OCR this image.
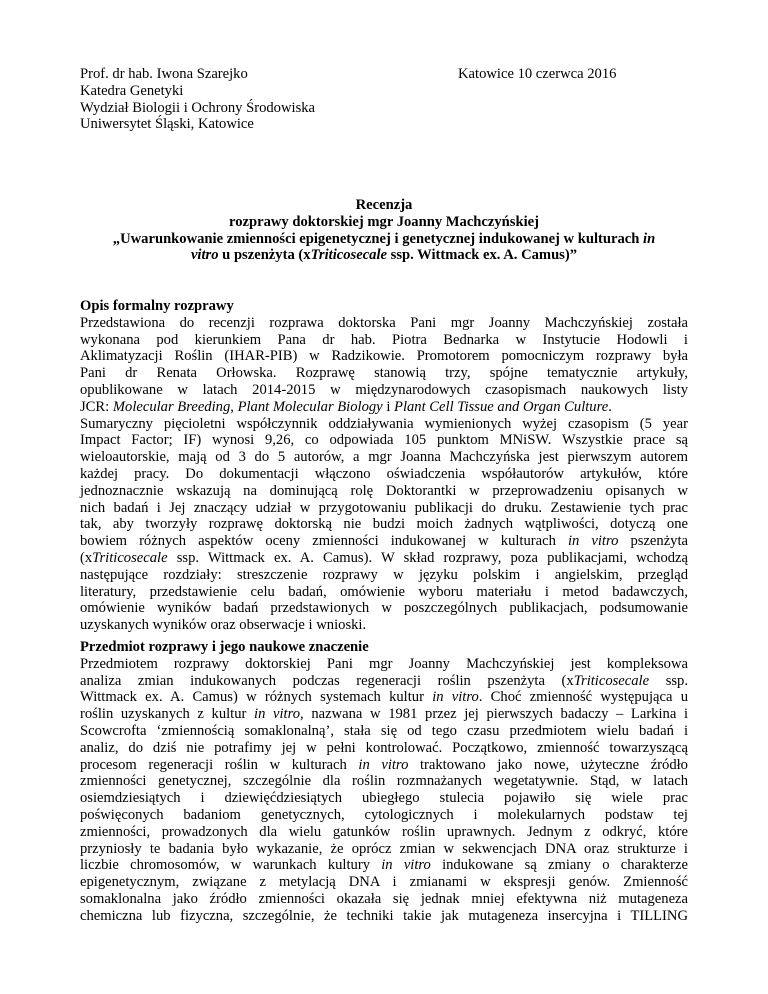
Prof. dr hab. Iwona Szarejko
Katedra Genetyki
Wydział Biologii i Ochrony Środowiska
Uniwersytet Śląski, Katowice
Katowice 10 czerwca 2016
Recenzja
rozprawy doktorskiej mgr Joanny Machczyńskiej
„Uwarunkowanie zmienności epigenetycznej i genetycznej indukowanej w kulturach in
vitro u pszenżyta (xTriticosecale ssp. Wittmack ex. A. Camus)”
Opis formalny rozprawy
Przedstawiona do recenzji rozprawa doktorska Pani mgr Joanny Machczyńskiej została
wykonana pod kierunkiem Pana dr hab. Piotra Bednarka w Instytucie Hodowli i
Aklimatyzacji Roślin (IHAR-PIB) w Radzikowie. Promotorem pomocniczym rozprawy była
Pani dr Renata Orłowska. Rozprawę stanowią trzy, spójne tematycznie artykuły,
opublikowane w latach 2014-2015 w międzynarodowych czasopismach naukowych listy
JCR: Molecular Breeding, Plant Molecular Biology i Plant Cell Tissue and Organ Culture.
Sumaryczny pięcioletni współczynnik oddziaływania wymienionych wyżej czasopism (5 year
Impact Factor; IF) wynosi 9,26, co odpowiada 105 punktom MNiSW. Wszystkie prace są
wieloautorskie, mają od 3 do 5 autorów, a mgr Joanna Machczyńska jest pierwszym autorem
każdej pracy. Do dokumentacji włączono oświadczenia współautorów artykułów, które
jednoznacznie wskazują na dominującą rolę Doktorantki w przeprowadzeniu opisanych w
nich badań i Jej znaczący udział w przygotowaniu publikacji do druku. Zestawienie tych prac
tak, aby tworzyły rozprawę doktorską nie budzi moich żadnych wątpliwości, dotyczą one
bowiem różnych aspektów oceny zmienności indukowanej w kulturach in vitro pszenżyta
(xTriticosecale ssp. Wittmack ex. A. Camus). W skład rozprawy, poza publikacjami, wchodzą
następujące rozdziały: streszczenie rozprawy w języku polskim i angielskim, przegląd
literatury, przedstawienie celu badań, omówienie wyboru materiału i metod badawczych,
omówienie wyników badań przedstawionych w poszczególnych publikacjach, podsumowanie
uzyskanych wyników oraz obserwacje i wnioski.
Przedmiot rozprawy i jego naukowe znaczenie
Przedmiotem rozprawy doktorskiej Pani mgr Joanny Machczyńskiej jest kompleksowa
analiza zmian indukowanych podczas regeneracji roślin pszenżyta (xTriticosecale ssp.
Wittmack ex. A. Camus) w różnych systemach kultur in vitro. Choć zmienność występująca u
roślin uzyskanych z kultur in vitro, nazwana w 1981 przez jej pierwszych badaczy – Larkina i
Scowcrofta ‘zmiennością somaklonalną’, stała się od tego czasu przedmiotem wielu badań i
analiz, do dziś nie potrafimy jej w pełni kontrolować. Początkowo, zmienność towarzyszącą
procesom regeneracji roślin w kulturach in vitro traktowano jako nowe, użyteczne źródło
zmienności genetycznej, szczególnie dla roślin rozmnażanych wegetatywnie. Stąd, w latach
osiemdziesiątych i dziewięćdziesiątych ubiegłego stulecia pojawiło się wiele prac
poświęconych badaniom genetycznych, cytologicznych i molekularnych podstaw tej
zmienności, prowadzonych dla wielu gatunków roślin uprawnych. Jednym z odkryć, które
przyniosły te badania było wykazanie, że oprócz zmian w sekwencjach DNA oraz strukturze i
liczbie chromosomów, w warunkach kultury in vitro indukowane są zmiany o charakterze
epigenetycznym, związane z metylacją DNA i zmianami w ekspresji genów. Zmienność
somaklonalna jako źródło zmienności okazała się jednak mniej efektywna niż mutageneza
chemiczna lub fizyczna, szczególnie, że techniki takie jak mutageneza insercyjna i TILLING
